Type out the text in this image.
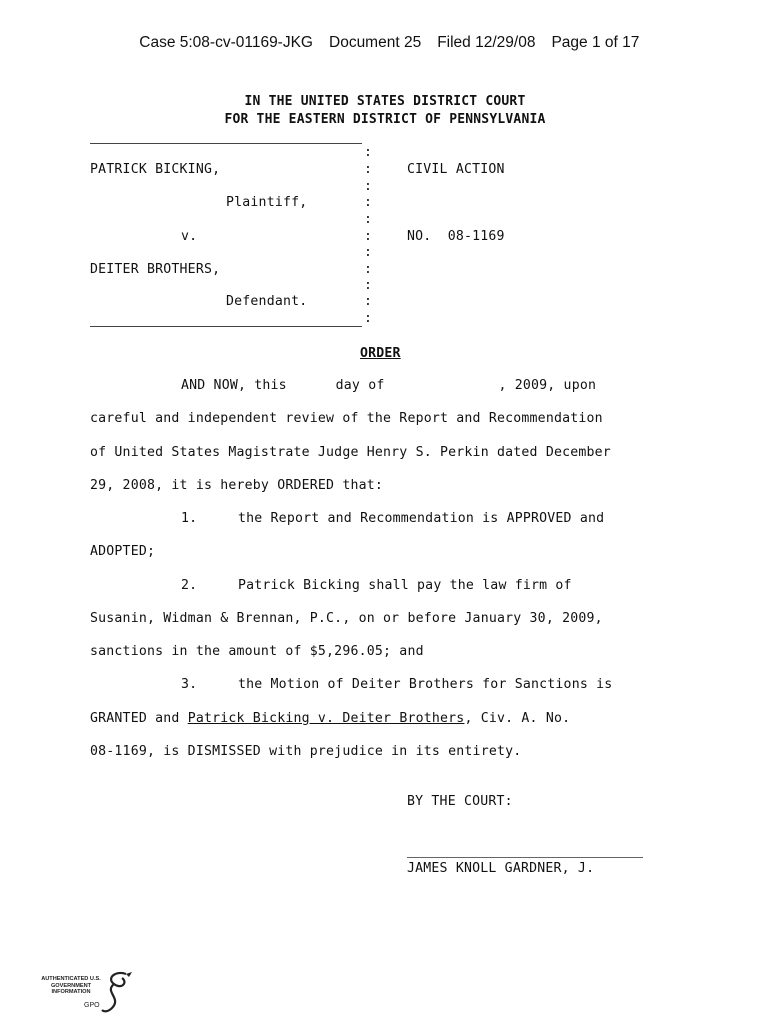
Case 5:08-cv-01169-JKG Document 25 Filed 12/29/08 Page 1 of 17

IN THE UNITED STATES DISTRICT COURT
FOR THE EASTERN DISTRICT OF PENNSYLVANIA
PATRICK BICKING,
Plaintiff,
v.
DEITER BROTHERS,
Defendant.
CIVIL ACTION
NO.  08-1169
:
:
:
:
:
:
:
:
:
:
:
ORDER
AND NOW, this      day of              , 2009, upon
careful and independent review of the Report and Recommendation
of United States Magistrate Judge Henry S. Perkin dated December
29, 2008, it is hereby ORDERED that:
1.     the Report and Recommendation is APPROVED and
ADOPTED;
2.     Patrick Bicking shall pay the law firm of
Susanin, Widman & Brennan, P.C., on or before January 30, 2009,
sanctions in the amount of $5,296.05; and
3.     the Motion of Deiter Brothers for Sanctions is
GRANTED and Patrick Bicking v. Deiter Brothers, Civ. A. No.
08-1169, is DISMISSED with prejudice in its entirety.
BY THE COURT:
JAMES KNOLL GARDNER, J.
AUTHENTICATED U.S. GOVERNMENT INFORMATION
GPO
